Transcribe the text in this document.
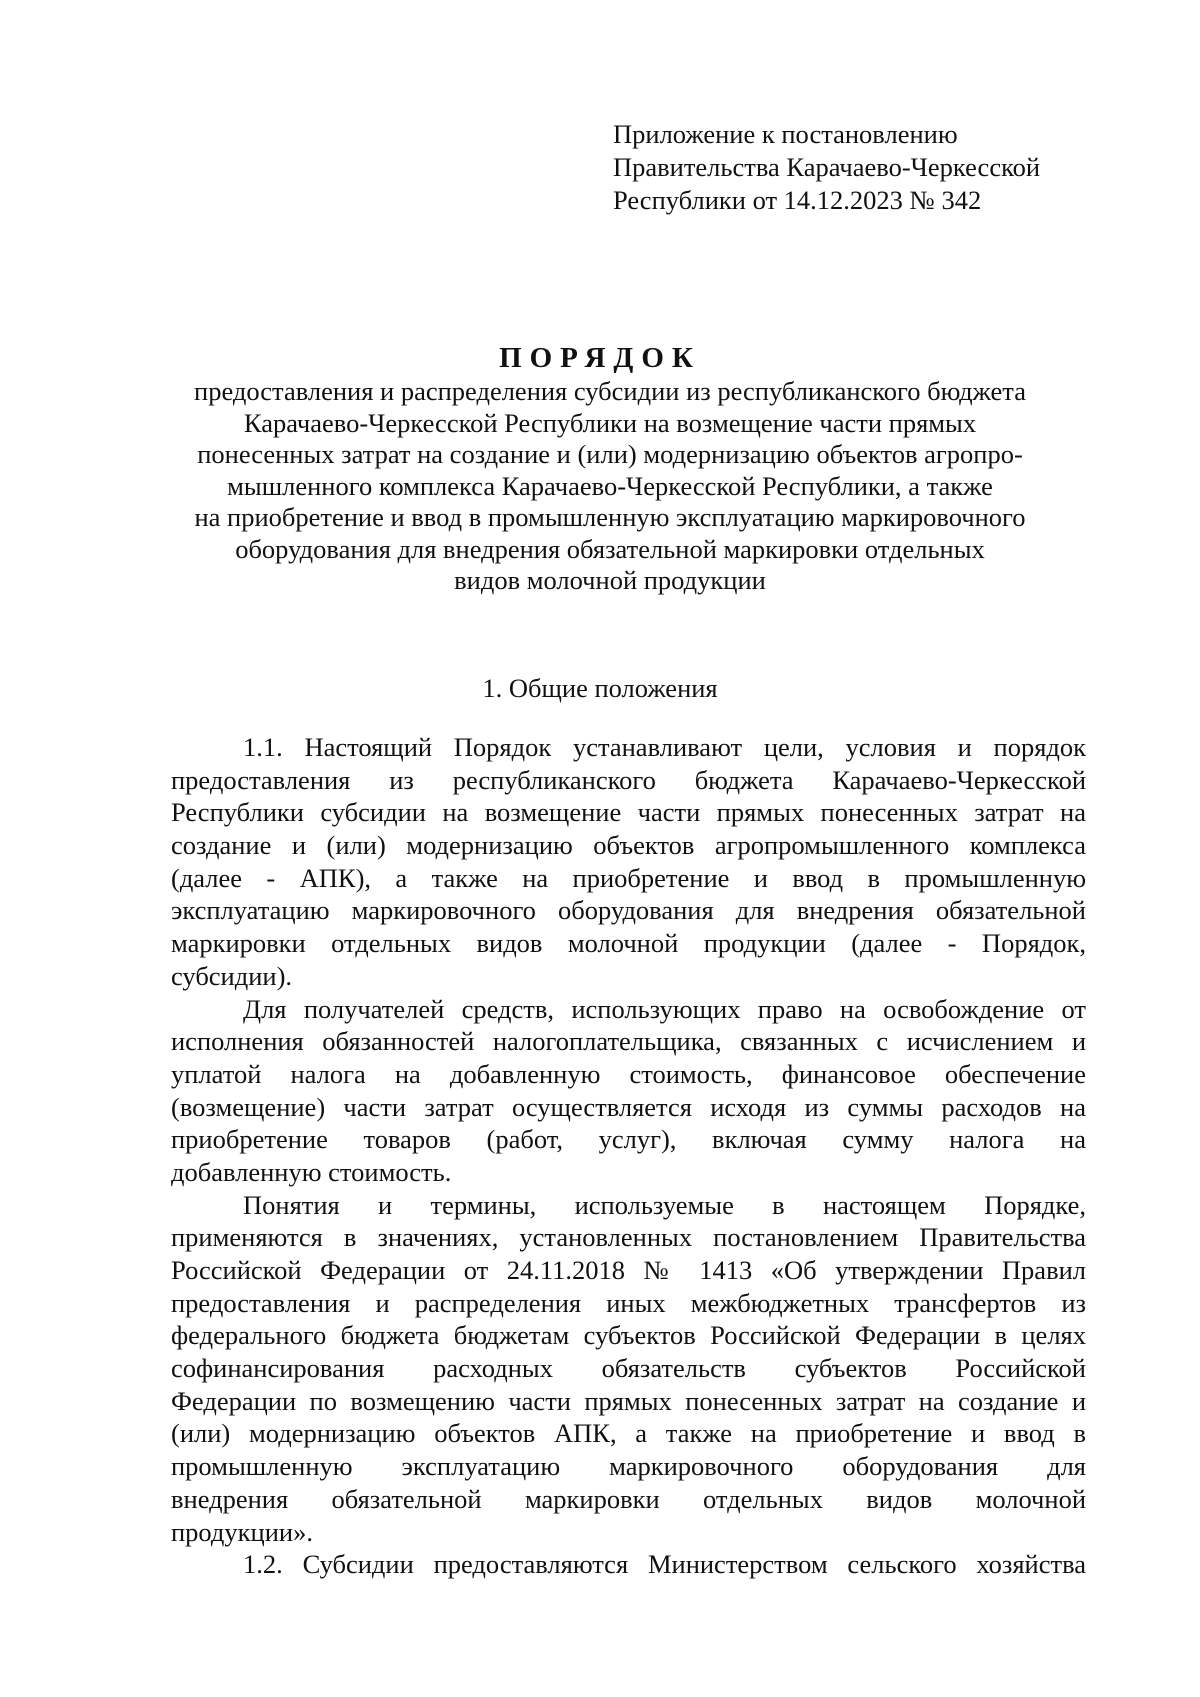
Приложение к постановлению
Правительства Карачаево-Черкесской
Республики от 14.12.2023 № 342
ПОРЯДОК
предоставления и распределения субсидии из республиканского бюджета
Карачаево-Черкесской Республики на возмещение части прямых
понесенных затрат на создание и (или) модернизацию объектов агропро-
мышленного комплекса Карачаево-Черкесской Республики, а также
на приобретение и ввод в промышленную эксплуатацию маркировочного
оборудования для внедрения обязательной маркировки отдельных
видов молочной продукции
1. Общие положения
1.1. Настоящий Порядок устанавливают цели, условия и порядок
предоставления из республиканского бюджета Карачаево-Черкесской
Республики субсидии на возмещение части прямых понесенных затрат на
создание и (или) модернизацию объектов агропромышленного комплекса
(далее - АПК), а также на приобретение и ввод в промышленную
эксплуатацию маркировочного оборудования для внедрения обязательной
маркировки отдельных видов молочной продукции (далее - Порядок,
субсидии).
Для получателей средств, использующих право на освобождение от
исполнения обязанностей налогоплательщика, связанных с исчислением и
уплатой налога на добавленную стоимость, финансовое обеспечение
(возмещение) части затрат осуществляется исходя из суммы расходов на
приобретение товаров (работ, услуг), включая сумму налога на
добавленную стоимость.
Понятия и термины, используемые в настоящем Порядке,
применяются в значениях, установленных постановлением Правительства
Российской Федерации от 24.11.2018 № 1413 «Об утверждении Правил
предоставления и распределения иных межбюджетных трансфертов из
федерального бюджета бюджетам субъектов Российской Федерации в целях
софинансирования расходных обязательств субъектов Российской
Федерации по возмещению части прямых понесенных затрат на создание и
(или) модернизацию объектов АПК, а также на приобретение и ввод в
промышленную эксплуатацию маркировочного оборудования для
внедрения обязательной маркировки отдельных видов молочной
продукции».
1.2. Субсидии предоставляются Министерством сельского хозяйства
